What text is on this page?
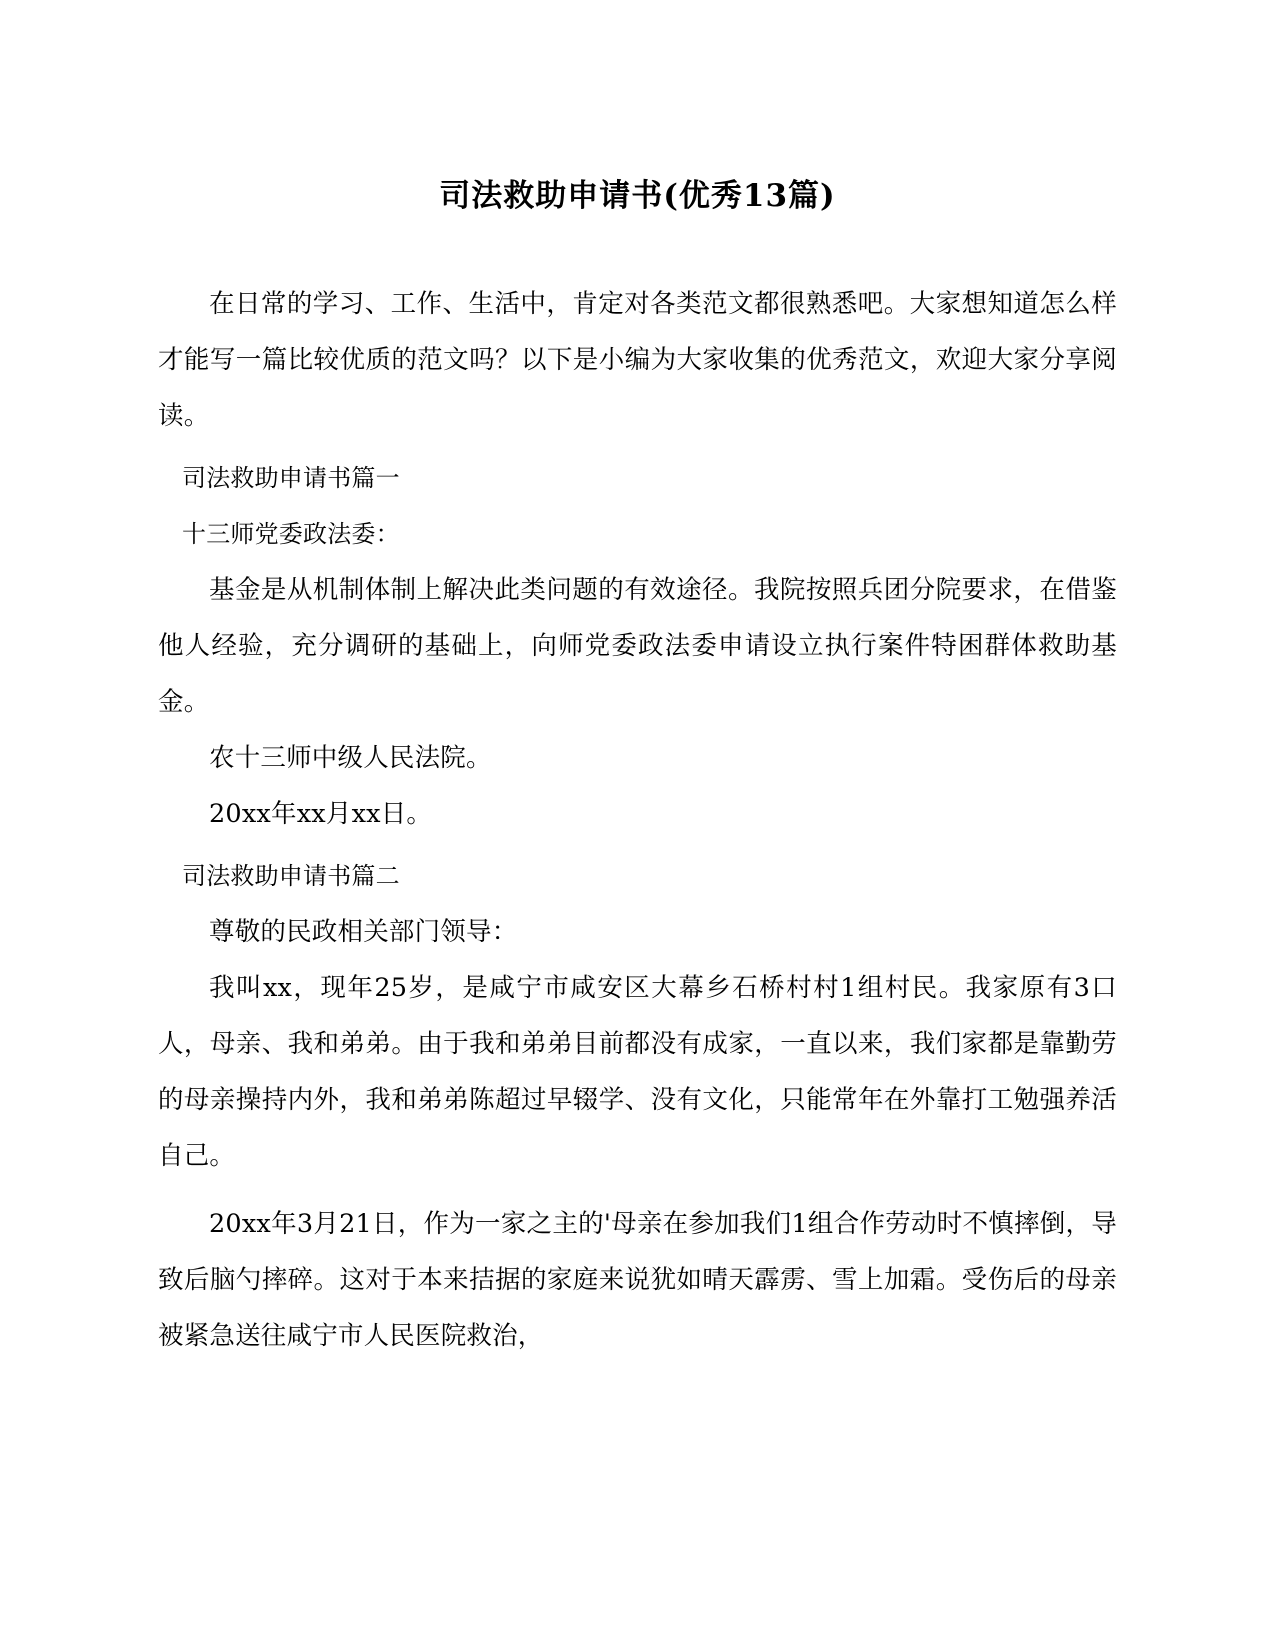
司法救助申请书(优秀13篇)

在日常的学习、工作、生活中，肯定对各类范文都很熟悉吧。大家想知道怎么样才能写一篇比较优质的范文吗？以下是小编为大家收集的优秀范文，欢迎大家分享阅读。

司法救助申请书篇一

十三师党委政法委：

基金是从机制体制上解决此类问题的有效途径。我院按照兵团分院要求，在借鉴他人经验，充分调研的基础上，向师党委政法委申请设立执行案件特困群体救助基金。

农十三师中级人民法院。

20xx年xx月xx日。

司法救助申请书篇二

尊敬的民政相关部门领导：

我叫xx，现年25岁，是咸宁市咸安区大幕乡石桥村村1组村民。我家原有3口人，母亲、我和弟弟。由于我和弟弟目前都没有成家，一直以来，我们家都是靠勤劳的母亲操持内外，我和弟弟陈超过早辍学、没有文化，只能常年在外靠打工勉强养活自己。

20xx年3月21日，作为一家之主的'母亲在参加我们1组合作劳动时不慎摔倒，导致后脑勺摔碎。这对于本来拮据的家庭来说犹如晴天霹雳、雪上加霜。受伤后的母亲被紧急送往咸宁市人民医院救治，
